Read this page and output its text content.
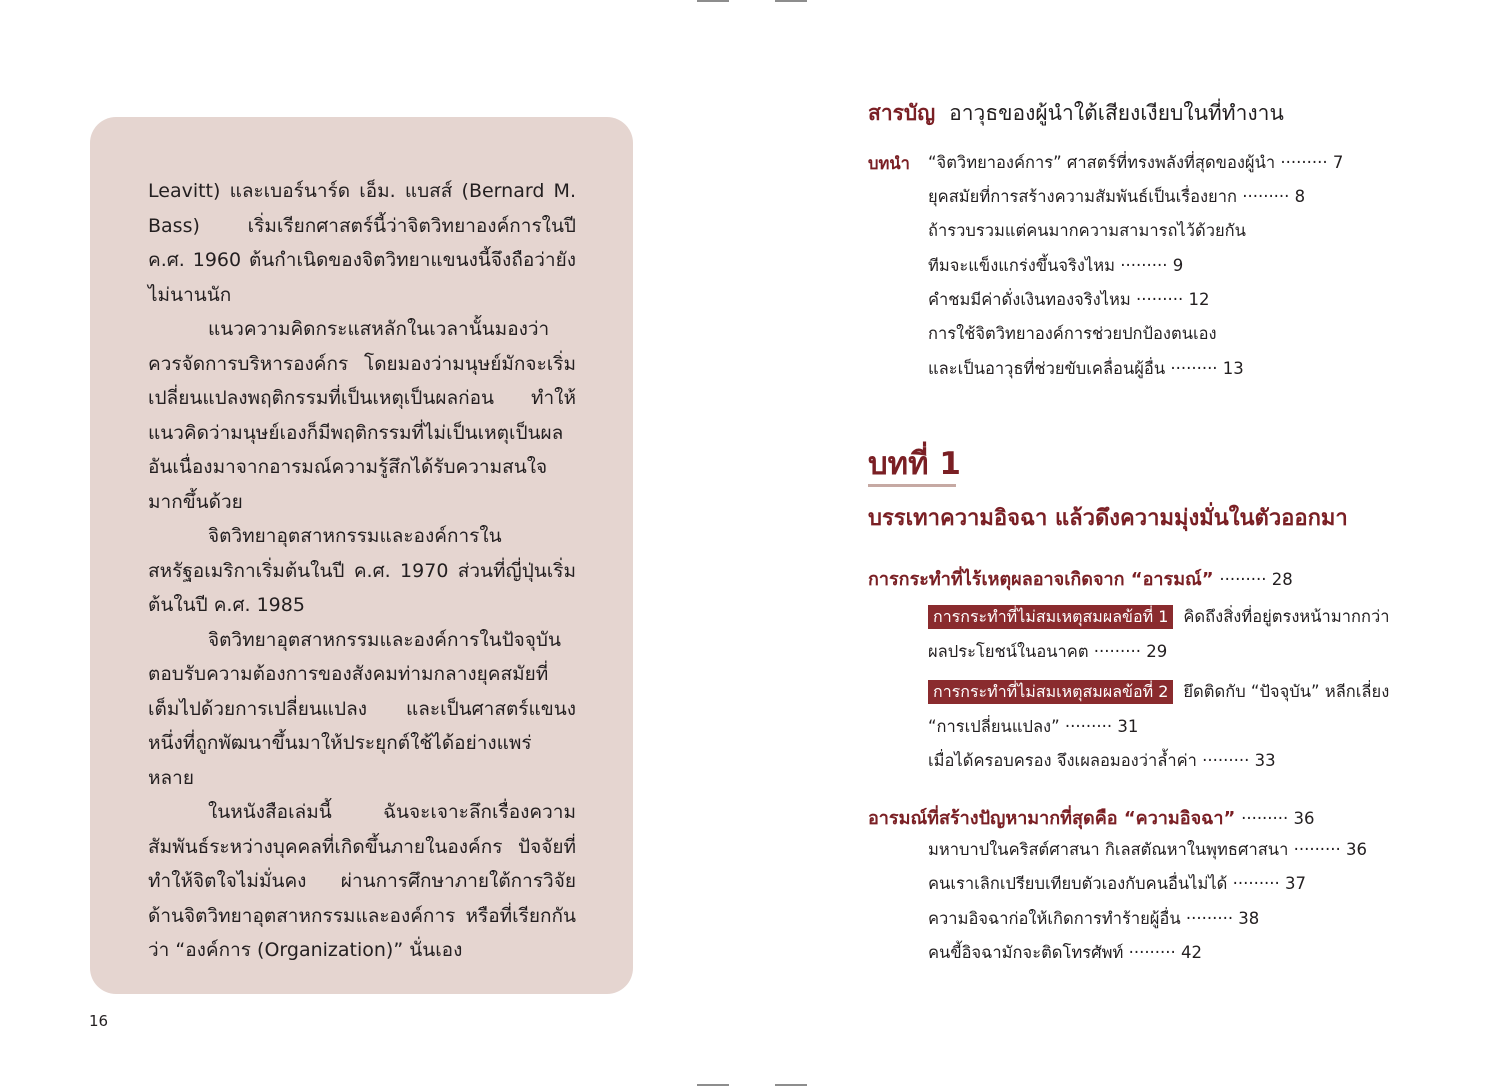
Leavitt) และเบอร์นาร์ด เอ็ม. แบสส์ (Bernard M. Bass) เริ่มเรียกศาสตร์นี้ว่าจิตวิทยาองค์การในปี ค.ศ. 1960 ต้นกำเนิดของจิตวิทยาแขนงนี้จึงถือว่ายังไม่นานนัก

แนวความคิดกระแสหลักในเวลานั้นมองว่าควรจัดการบริหารองค์กร โดยมองว่ามนุษย์มักจะเริ่มเปลี่ยนแปลงพฤติกรรมที่เป็นเหตุเป็นผลก่อน ทำให้แนวคิดว่ามนุษย์เองก็มีพฤติกรรมที่ไม่เป็นเหตุเป็นผลอันเนื่องมาจากอารมณ์ความรู้สึกได้รับความสนใจมากขึ้นด้วย

จิตวิทยาอุตสาหกรรมและองค์การในสหรัฐอเมริกาเริ่มต้นในปี ค.ศ. 1970 ส่วนที่ญี่ปุ่นเริ่มต้นในปี ค.ศ. 1985

จิตวิทยาอุตสาหกรรมและองค์การในปัจจุบันตอบรับความต้องการของสังคมท่ามกลางยุคสมัยที่เต็มไปด้วยการเปลี่ยนแปลง และเป็นศาสตร์แขนงหนึ่งที่ถูกพัฒนาขึ้นมาให้ประยุกต์ใช้ได้อย่างแพร่หลาย

ในหนังสือเล่มนี้ ฉันจะเจาะลึกเรื่องความสัมพันธ์ระหว่างบุคคลที่เกิดขึ้นภายในองค์กร ปัจจัยที่ทำให้จิตใจไม่มั่นคง ผ่านการศึกษาภายใต้การวิจัยด้านจิตวิทยาอุตสาหกรรมและองค์การ หรือที่เรียกกันว่า “องค์การ (Organization)” นั่นเอง

16
สารบัญ อาวุธของผู้นำใต้เสียงเงียบในที่ทำงาน
บทนำ “จิตวิทยาองค์การ” ศาสตร์ที่ทรงพลังที่สุดของผู้นำ ········· 7
ยุคสมัยที่การสร้างความสัมพันธ์เป็นเรื่องยาก ········· 8
ถ้ารวบรวมแต่คนมากความสามารถไว้ด้วยกัน
ทีมจะแข็งแกร่งขึ้นจริงไหม ········· 9
คำชมมีค่าดั่งเงินทองจริงไหม ········· 12
การใช้จิตวิทยาองค์การช่วยปกป้องตนเอง
และเป็นอาวุธที่ช่วยขับเคลื่อนผู้อื่น ········· 13
บทที่ 1
บรรเทาความอิจฉา แล้วดึงความมุ่งมั่นในตัวออกมา
การกระทำที่ไร้เหตุผลอาจเกิดจาก “อารมณ์” ········· 28
การกระทำที่ไม่สมเหตุสมผลข้อที่ 1 คิดถึงสิ่งที่อยู่ตรงหน้ามากกว่า
ผลประโยชน์ในอนาคต ········· 29
การกระทำที่ไม่สมเหตุสมผลข้อที่ 2 ยึดติดกับ “ปัจจุบัน” หลีกเลี่ยง
“การเปลี่ยนแปลง” ········· 31
เมื่อได้ครอบครอง จึงเผลอมองว่าล้ำค่า ········· 33
อารมณ์ที่สร้างปัญหามากที่สุดคือ “ความอิจฉา” ········· 36
มหาบาปในคริสต์ศาสนา กิเลสตัณหาในพุทธศาสนา ········· 36
คนเราเลิกเปรียบเทียบตัวเองกับคนอื่นไม่ได้ ········· 37
ความอิจฉาก่อให้เกิดการทำร้ายผู้อื่น ········· 38
คนขี้อิจฉามักจะติดโทรศัพท์ ········· 42
